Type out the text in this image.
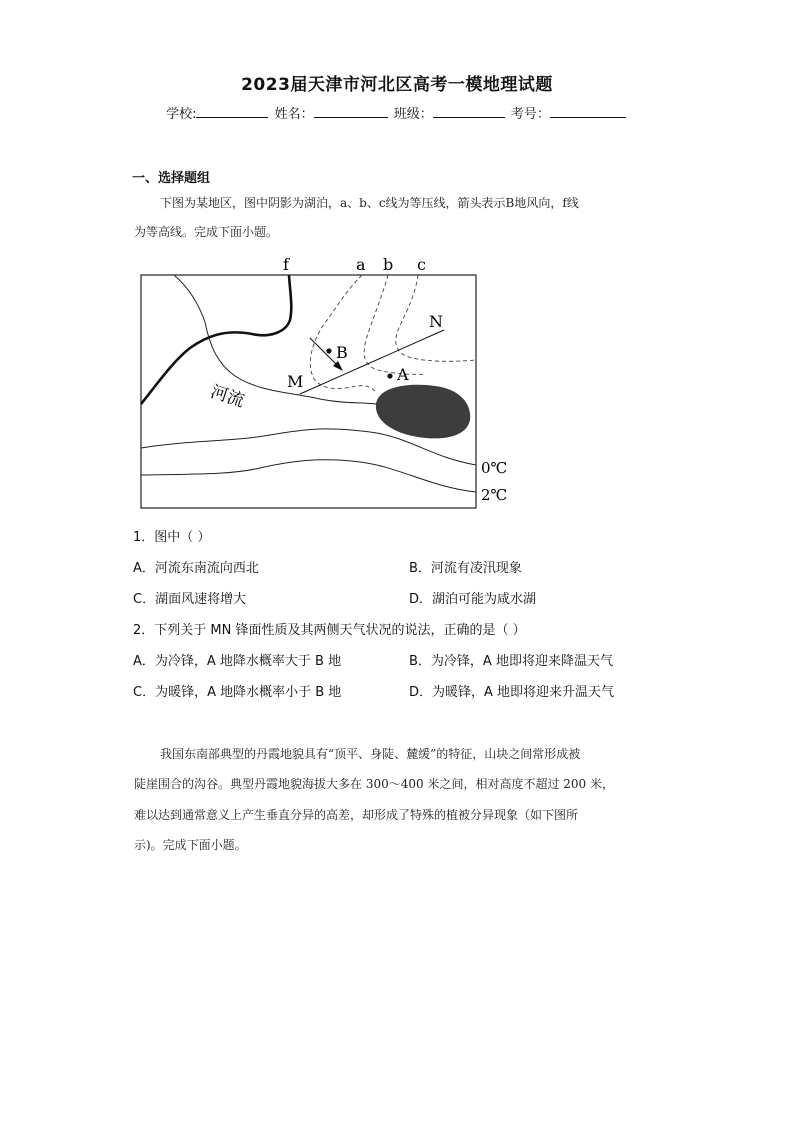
2023届天津市河北区高考一模地理试题
学校:	姓名：	班级：	考号：
一、选择题组
下图为某地区，图中阴影为湖泊，a、b、c线为等压线，箭头表示B地风向，f线
为等高线。完成下面小题。
f	a b c
N
M
B
A
河流
0℃
2℃
1．图中（ ）
A．河流东南流向西北	B．河流有凌汛现象
C．湖面风速将增大	D．湖泊可能为咸水湖
2．下列关于 MN 锋面性质及其两侧天气状况的说法，正确的是（ ）
A．为冷锋，A 地降水概率大于 B 地	B．为冷锋，A 地即将迎来降温天气
C．为暖锋，A 地降水概率小于 B 地	D．为暖锋，A 地即将迎来升温天气
我国东南部典型的丹霞地貌具有“顶平、身陡、麓缓”的特征，山块之间常形成被
陡崖围合的沟谷。典型丹霞地貌海拔大多在 300～400 米之间，相对高度不超过 200 米，
难以达到通常意义上产生垂直分异的高差，却形成了特殊的植被分异现象（如下图所
示)。完成下面小题。
